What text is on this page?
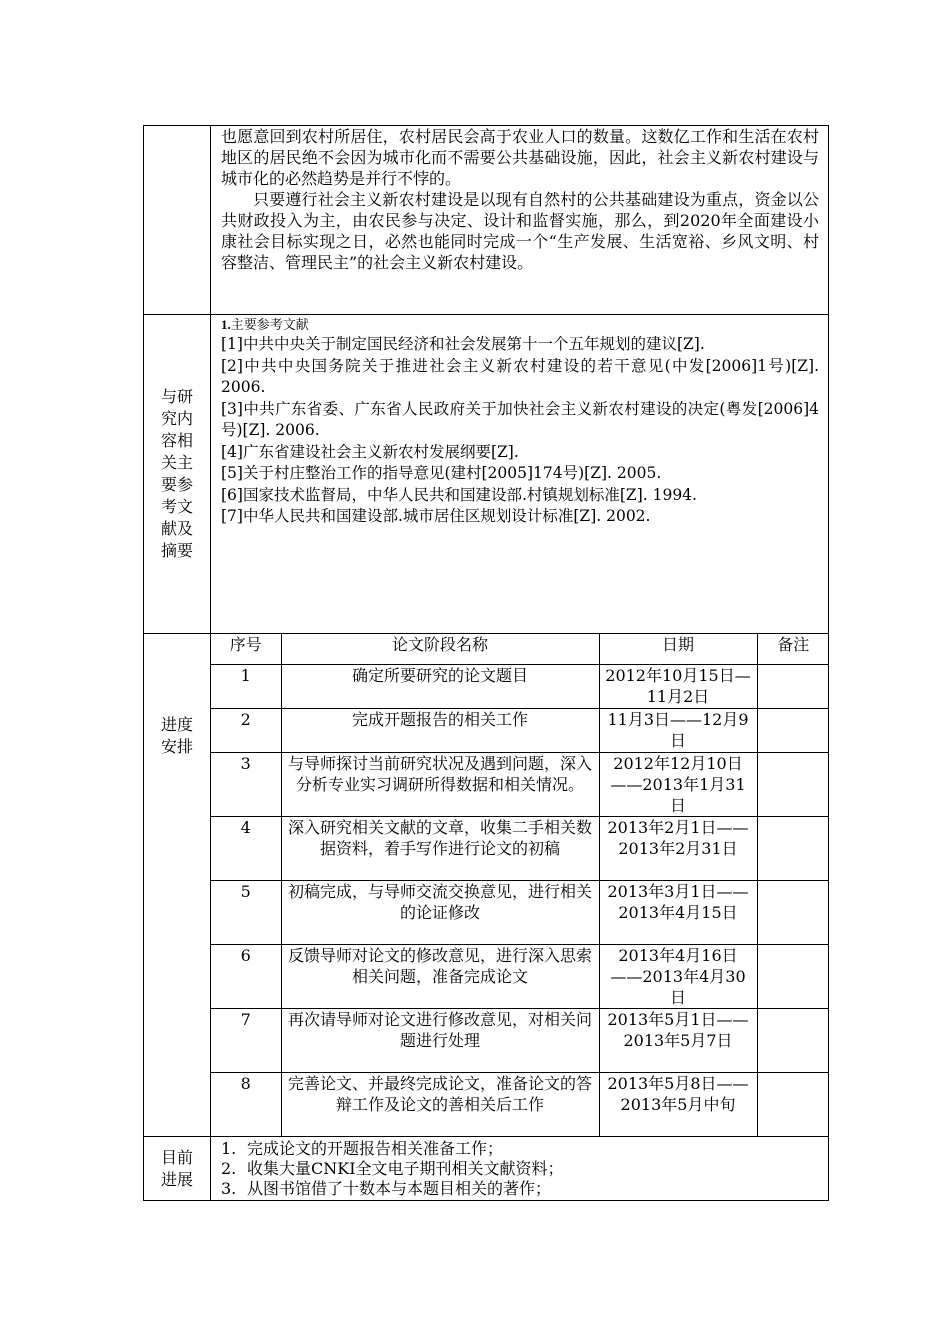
也愿意回到农村所居住，农村居民会高于农业人口的数量。这数亿工作和生活在农村地区的居民绝不会因为城市化而不需要公共基础设施，因此，社会主义新农村建设与城市化的必然趋势是并行不悖的。

只要遵行社会主义新农村建设是以现有自然村的公共基础建设为重点，资金以公共财政投入为主，由农民参与决定、设计和监督实施，那么，到2020年全面建设小康社会目标实现之日，必然也能同时完成一个“生产发展、生活宽裕、乡风文明、村容整洁、管理民主”的社会主义新农村建设。

与研究内容相关主要参考文献及摘要	
1.主要参考文献

[1]中共中央关于制定国民经济和社会发展第十一个五年规划的建议[Z].

[2]中共中央国务院关于推进社会主义新农村建设的若干意见(中发[2006]1号)[Z]. 2006.

[3]中共广东省委、广东省人民政府关于加快社会主义新农村建设的决定(粤发[2006]4号)[Z]. 2006.

[4]广东省建设社会主义新农村发展纲要[Z].

[5]关于村庄整治工作的指导意见(建村[2005]174号)[Z]. 2005.

[6]国家技术监督局，中华人民共和国建设部.村镇规划标准[Z]. 1994.

[7]中华人民共和国建设部.城市居住区规划设计标准[Z]. 2002.

进度安排	
序号	论文阶段名称	日期	备注
1	确定所要研究的论文题目	2012年10月15日—11月2日	
2	完成开题报告的相关工作	11月3日——12月9日	
3	与导师探讨当前研究状况及遇到问题，深入分析专业实习调研所得数据和相关情况。	2012年12月10日——2013年1月31日	
4	深入研究相关文献的文章，收集二手相关数据资料，着手写作进行论文的初稿	2013年2月1日——2013年2月31日	
5	初稿完成，与导师交流交换意见，进行相关的论证修改	2013年3月1日——2013年4月15日	
6	反馈导师对论文的修改意见，进行深入思索相关问题，准备完成论文	2013年4月16日——2013年4月30日	
7	再次请导师对论文进行修改意见，对相关问题进行处理	2013年5月1日——2013年5月7日	
8	完善论文、并最终完成论文，准备论文的答辩工作及论文的善相关后工作	2013年5月8日——2013年5月中旬	

目前进展	

1. 完成论文的开题报告相关准备工作；

2. 收集大量CNKI全文电子期刊相关文献资料；

3. 从图书馆借了十数本与本题目相关的著作；
